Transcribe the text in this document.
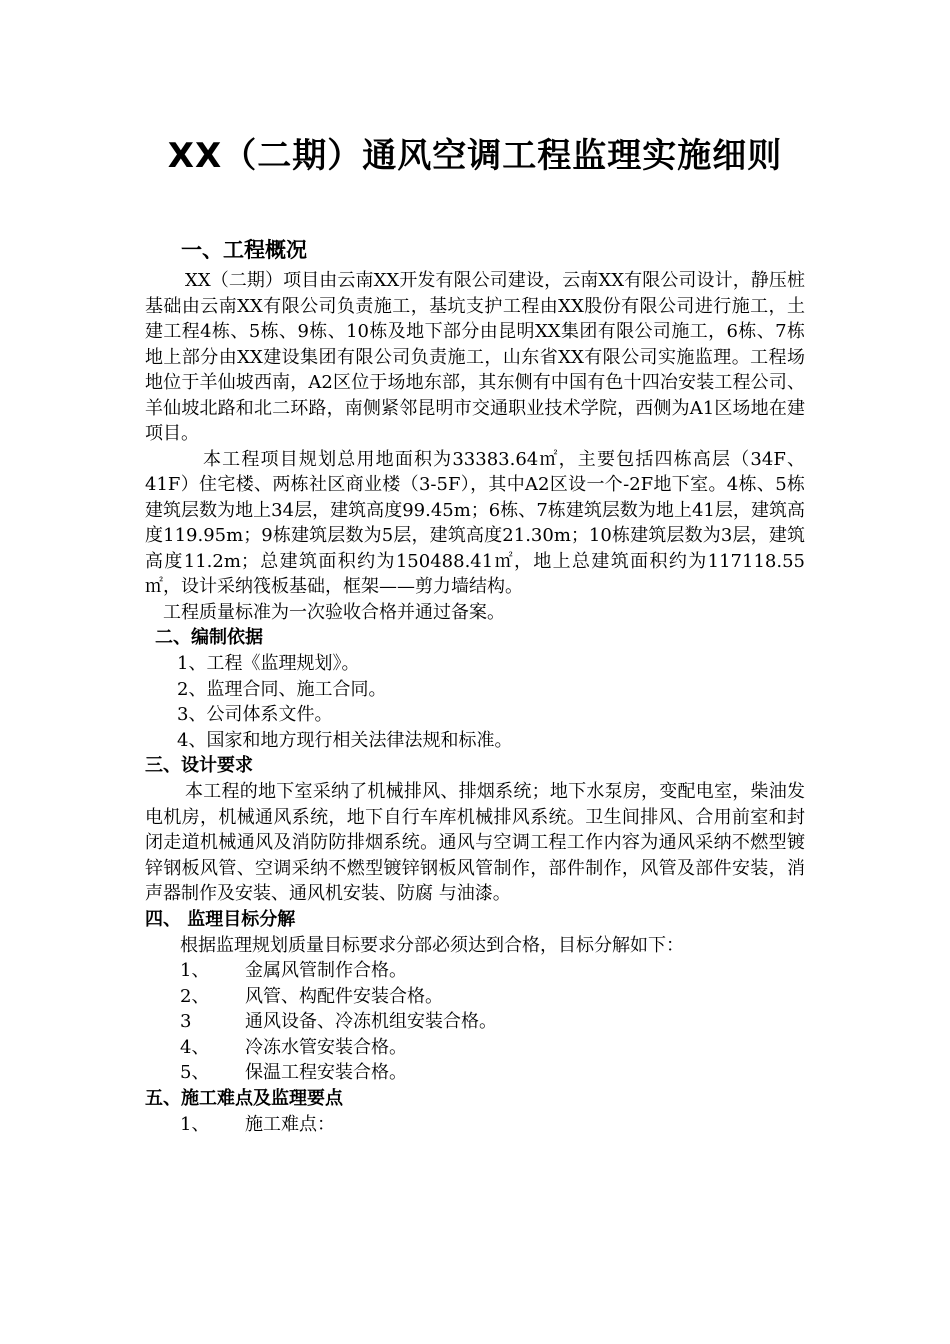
XX（二期）通风空调工程监理实施细则

一、工程概况

XX（二期）项目由云南XX开发有限公司建设，云南XX有限公司设计，静压桩基础由云南XX有限公司负责施工，基坑支护工程由XX股份有限公司进行施工，土建工程4栋、5栋、9栋、10栋及地下部分由昆明XX集团有限公司施工，6栋、7栋地上部分由XX建设集团有限公司负责施工，山东省XX有限公司实施监理。工程场地位于羊仙坡西南，A2区位于场地东部，其东侧有中国有色十四冶安装工程公司、羊仙坡北路和北二环路，南侧紧邻昆明市交通职业技术学院，西侧为A1区场地在建项目。

本工程项目规划总用地面积为33383.64㎡，主要包括四栋高层（34F、41F）住宅楼、两栋社区商业楼（3-5F），其中A2区设一个-2F地下室。4栋、5栋建筑层数为地上34层，建筑高度99.45m；6栋、7栋建筑层数为地上41层，建筑高度119.95m；9栋建筑层数为5层，建筑高度21.30m；10栋建筑层数为3层，建筑高度11.2m；总建筑面积约为150488.41㎡，地上总建筑面积约为117118.55㎡，设计采纳筏板基础，框架——剪力墙结构。

工程质量标准为一次验收合格并通过备案。

二、编制依据

1、工程《监理规划》。

2、监理合同、施工合同。

3、公司体系文件。

4、国家和地方现行相关法律法规和标准。

三、设计要求

本工程的地下室采纳了机械排风、排烟系统；地下水泵房，变配电室，柴油发电机房，机械通风系统，地下自行车库机械排风系统。卫生间排风、合用前室和封闭走道机械通风及消防防排烟系统。通风与空调工程工作内容为通风采纳不燃型镀锌钢板风管、空调采纳不燃型镀锌钢板风管制作，部件制作，风管及部件安装，消声器制作及安装、通风机安装、防腐 与油漆。

四、 监理目标分解

根据监理规划质量目标要求分部必须达到合格，目标分解如下：

1、 金属风管制作合格。

2、 风管、构配件安装合格。

3	通风设备、冷冻机组安装合格。

4、 冷冻水管安装合格。

5、 保温工程安装合格。

五、施工难点及监理要点

1、 施工难点：
